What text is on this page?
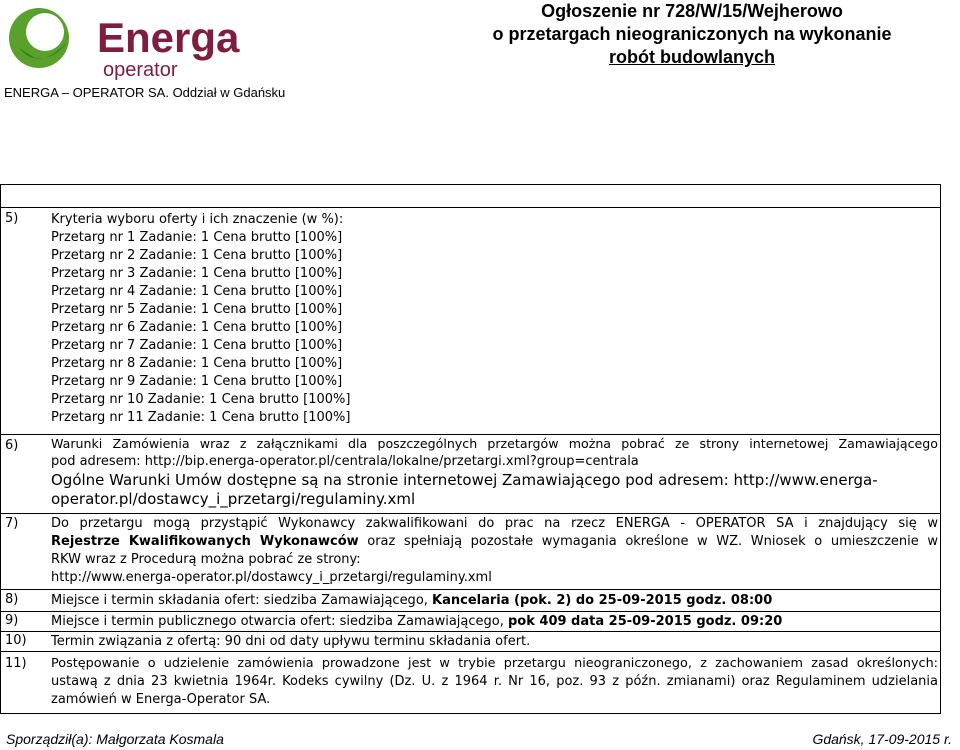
Energa
operator
ENERGA – OPERATOR SA. Oddział w Gdańsku
Ogłoszenie nr 728/W/15/Wejherowo
o przetargach nieograniczonych na wykonanie
robót budowlanych
5)	Kryteria wyboru oferty i ich znaczenie (w %):
Przetarg nr 1 Zadanie: 1 Cena brutto [100%]
Przetarg nr 2 Zadanie: 1 Cena brutto [100%]
Przetarg nr 3 Zadanie: 1 Cena brutto [100%]
Przetarg nr 4 Zadanie: 1 Cena brutto [100%]
Przetarg nr 5 Zadanie: 1 Cena brutto [100%]
Przetarg nr 6 Zadanie: 1 Cena brutto [100%]
Przetarg nr 7 Zadanie: 1 Cena brutto [100%]
Przetarg nr 8 Zadanie: 1 Cena brutto [100%]
Przetarg nr 9 Zadanie: 1 Cena brutto [100%]
Przetarg nr 10 Zadanie: 1 Cena brutto [100%]
Przetarg nr 11 Zadanie: 1 Cena brutto [100%]
6)	Warunki Zamówienia wraz z załącznikami dla poszczególnych przetargów można pobrać ze strony internetowej Zamawiającego
pod adresem: http://bip.energa-operator.pl/centrala/lokalne/przetargi.xml?group=centrala
Ogólne Warunki Umów dostępne są na stronie internetowej Zamawiającego pod adresem: http://www.energa-
operator.pl/dostawcy_i_przetargi/regulaminy.xml
7)	Do przetargu mogą przystąpić Wykonawcy zakwalifikowani do prac na rzecz ENERGA - OPERATOR SA i znajdujący się w
Rejestrze Kwalifikowanych Wykonawców oraz spełniają pozostałe wymagania określone w WZ. Wniosek o umieszczenie w
RKW wraz z Procedurą można pobrać ze strony:
http://www.energa-operator.pl/dostawcy_i_przetargi/regulaminy.xml
8)	Miejsce i termin składania ofert: siedziba Zamawiającego, Kancelaria (pok. 2) do 25-09-2015 godz. 08:00
9)	Miejsce i termin publicznego otwarcia ofert: siedziba Zamawiającego, pok 409 data 25-09-2015 godz. 09:20
10) Termin związania z ofertą: 90 dni od daty upływu terminu składania ofert.
11) Postępowanie o udzielenie zamówienia prowadzone jest w trybie przetargu nieograniczonego, z zachowaniem zasad określonych:
ustawą z dnia 23 kwietnia 1964r. Kodeks cywilny (Dz. U. z 1964 r. Nr 16, poz. 93 z późn. zmianami) oraz Regulaminem udzielania
zamówień w Energa-Operator SA.
Sporządził(a): Małgorzata Kosmala	Gdańsk, 17-09-2015 r.
